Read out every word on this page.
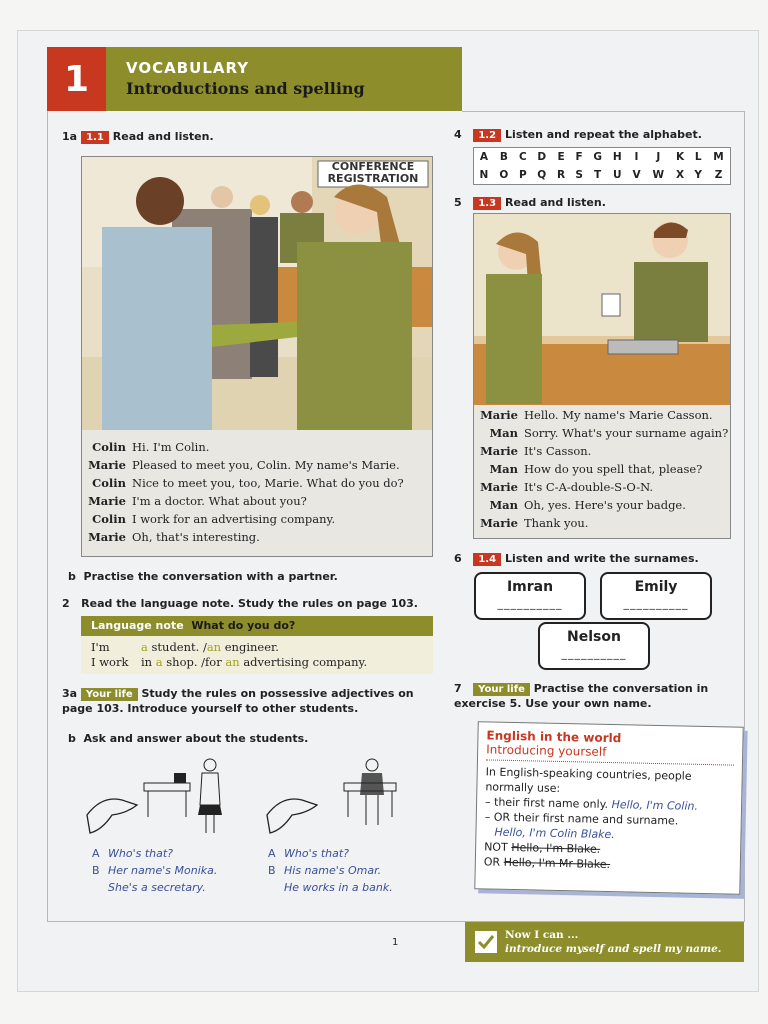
1	VOCABULARY
Introductions and spelling
1a 1.1 Read and listen.
CONFERENCE REGISTRATION
Colin Hi. I'm Colin.
Marie Pleased to meet you, Colin. My name's Marie.
Colin Nice to meet you, too, Marie. What do you do?
Marie I'm a doctor. What about you?
Colin I work for an advertising company.
Marie Oh, that's interesting.
b Practise the conversation with a partner.
2 Read the language note. Study the rules on page 103.
Language note What do you do?
I'm	a student. /an engineer.
I work in a shop. /for an advertising company.
3a Your life Study the rules on possessive adjectives on page 103. Introduce yourself to other students.
b Ask and answer about the students.
A Who's that?
B Her name's Monika.
She's a secretary.
A Who's that?
B His name's Omar.
He works in a bank.
4 1.2 Listen and repeat the alphabet.
A	B	C	D	E	F	G	H	I	J	K	L	M
N	O	P	Q	R	S	T	U	V	W	X	Y	Z
5 1.3 Read and listen.
Marie Hello. My name's Marie Casson.
Man Sorry. What's your surname again?
Marie It's Casson.
Man How do you spell that, please?
Marie It's C-A-double-S-O-N.
Man Oh, yes. Here's your badge.
Marie Thank you.
6 1.4 Listen and write the surnames.
Imran
__________
Emily
__________
Nelson
__________
7 Your life Practise the conversation in exercise 5. Use your own name.
English in the world
Introducing yourself
In English-speaking countries, people normally use:
– their first name only. Hello, I'm Colin.
– OR their first name and surname.
Hello, I'm Colin Blake.
NOT Hello, I'm Blake.
OR Hello, I'm Mr Blake.
1
Now I can ...
introduce myself and spell my name.
